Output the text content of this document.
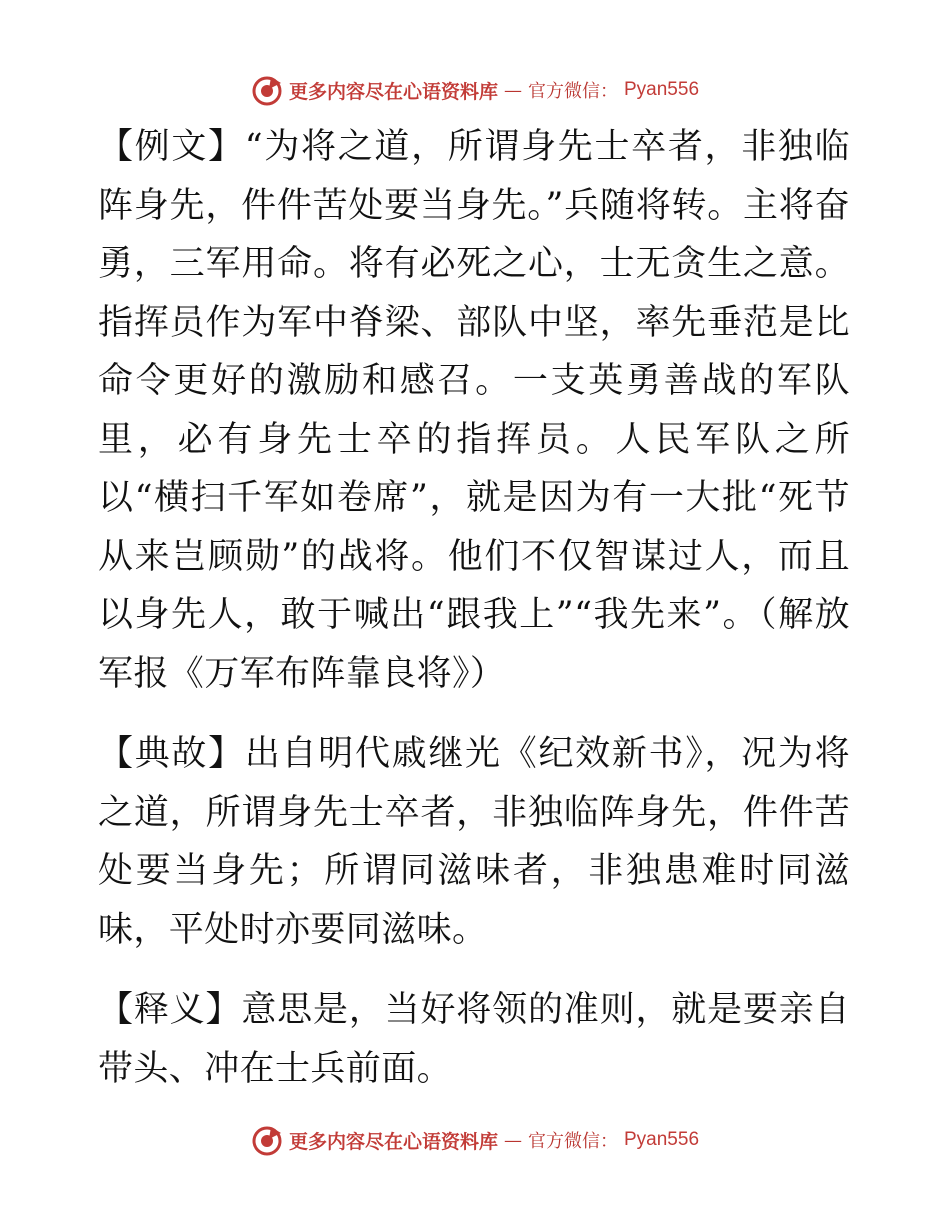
更多内容尽在心语资料库 — 官方微信： Pyan556

【例文】“为将之道，所谓身先士卒者，非独临阵身先，件件苦处要当身先。”兵随将转。主将奋勇，三军用命。将有必死之心，士无贪生之意。指挥员作为军中脊梁、部队中坚，率先垂范是比命令更好的激励和感召。一支英勇善战的军队里，必有身先士卒的指挥员。人民军队之所以“横扫千军如卷席”，就是因为有一大批“死节从来岂顾勋”的战将。他们不仅智谋过人，而且以身先人，敢于喊出“跟我上”“我先来”。（解放军报《万军布阵靠良将》）

【典故】出自明代戚继光《纪效新书》，况为将之道，所谓身先士卒者，非独临阵身先，件件苦处要当身先；所谓同滋味者，非独患难时同滋味，平处时亦要同滋味。

【释义】意思是，当好将领的准则，就是要亲自带头、冲在士兵前面。

更多内容尽在心语资料库 — 官方微信： Pyan556
